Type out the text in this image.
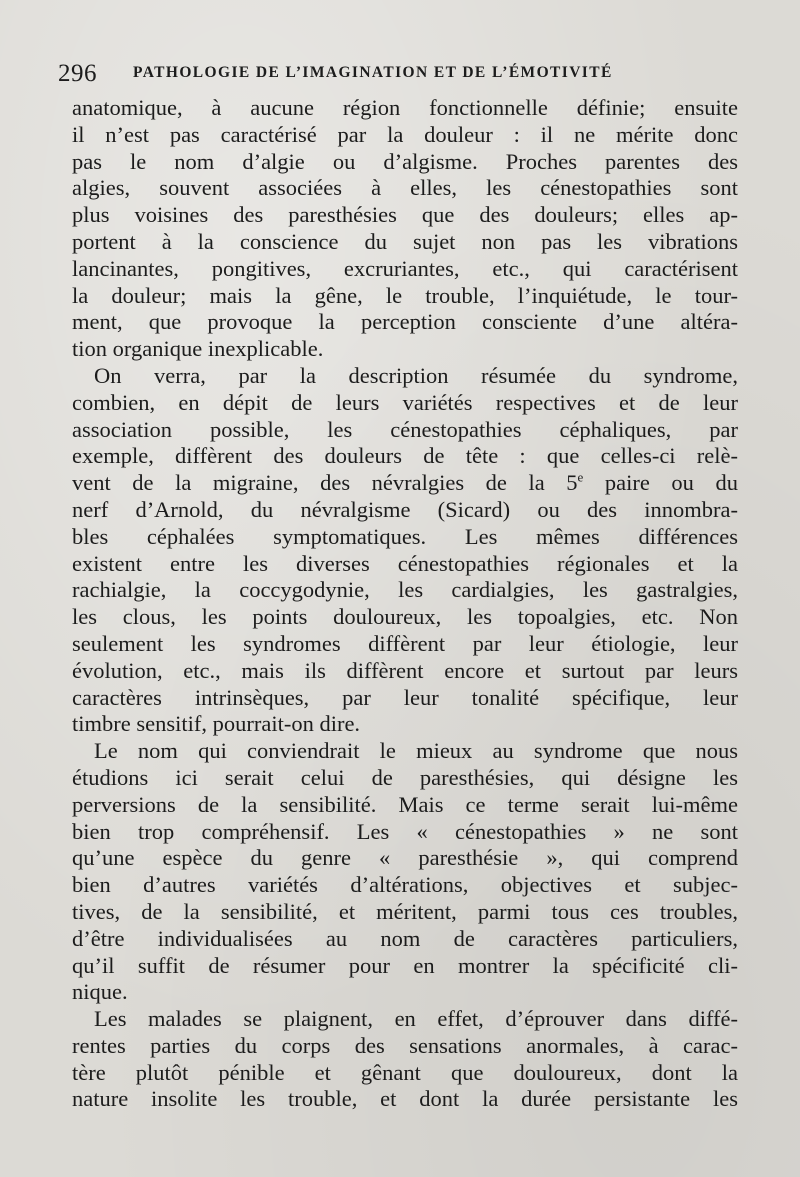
296 PATHOLOGIE DE L’IMAGINATION ET DE L’ÉMOTIVITÉ
anatomique, à aucune région fonctionnelle définie; ensuite
il n’est pas caractérisé par la douleur : il ne mérite donc
pas le nom d’algie ou d’algisme. Proches parentes des
algies, souvent associées à elles, les cénestopathies sont
plus voisines des paresthésies que des douleurs; elles ap-
portent à la conscience du sujet non pas les vibrations
lancinantes, pongitives, excruriantes, etc., qui caractérisent
la douleur; mais la gêne, le trouble, l’inquiétude, le tour-
ment, que provoque la perception consciente d’une altéra-
tion organique inexplicable.
On verra, par la description résumée du syndrome,
combien, en dépit de leurs variétés respectives et de leur
association possible, les cénestopathies céphaliques, par
exemple, diffèrent des douleurs de tête : que celles-ci relè-
vent de la migraine, des névralgies de la 5e paire ou du
nerf d’Arnold, du névralgisme (Sicard) ou des innombra-
bles céphalées symptomatiques. Les mêmes différences
existent entre les diverses cénestopathies régionales et la
rachialgie, la coccygodynie, les cardialgies, les gastralgies,
les clous, les points douloureux, les topoalgies, etc. Non
seulement les syndromes diffèrent par leur étiologie, leur
évolution, etc., mais ils diffèrent encore et surtout par leurs
caractères intrinsèques, par leur tonalité spécifique, leur
timbre sensitif, pourrait-on dire.
Le nom qui conviendrait le mieux au syndrome que nous
étudions ici serait celui de paresthésies, qui désigne les
perversions de la sensibilité. Mais ce terme serait lui-même
bien trop compréhensif. Les « cénestopathies » ne sont
qu’une espèce du genre « paresthésie », qui comprend
bien d’autres variétés d’altérations, objectives et subjec-
tives, de la sensibilité, et méritent, parmi tous ces troubles,
d’être individualisées au nom de caractères particuliers,
qu’il suffit de résumer pour en montrer la spécificité cli-
nique.
Les malades se plaignent, en effet, d’éprouver dans diffé-
rentes parties du corps des sensations anormales, à carac-
tère plutôt pénible et gênant que douloureux, dont la
nature insolite les trouble, et dont la durée persistante les
